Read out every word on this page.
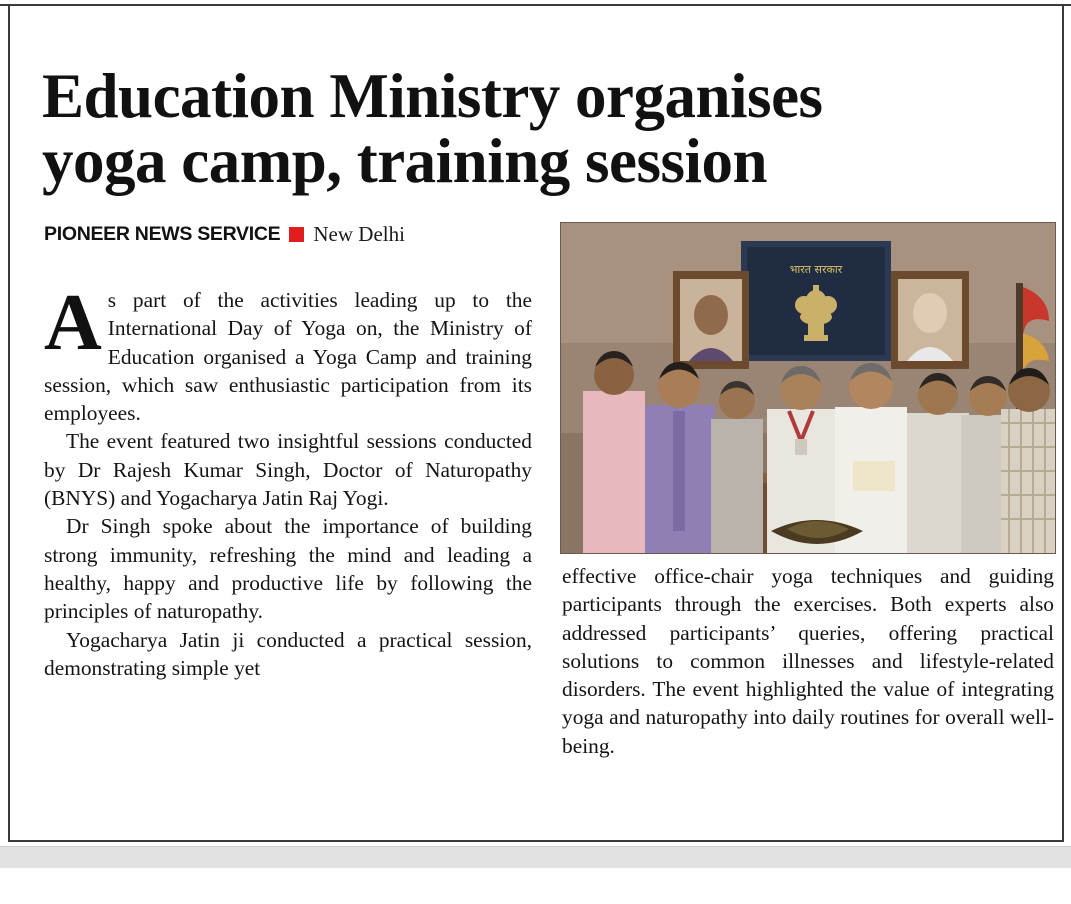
Education Ministry organises
yoga camp, training session
PIONEER NEWS SERVICE New Delhi
भारत सरकार

As part of the activities leading up to the International Day of Yoga on, the Ministry of Education organised a Yoga Camp and training session, which saw enthusiastic participation from its employees.

The event featured two insightful sessions conducted by Dr Rajesh Kumar Singh, Doctor of Naturopathy (BNYS) and Yogacharya Jatin Raj Yogi.

Dr Singh spoke about the importance of building strong immunity, refreshing the mind and leading a healthy, happy and productive life by following the principles of naturopathy.

Yogacharya Jatin ji conducted a practical session, demonstrating simple yet

effective office-chair yoga techniques and guiding participants through the exercises. Both experts also addressed participants’ queries, offering practical solutions to common illnesses and lifestyle-related disorders. The event highlighted the value of integrating yoga and naturopathy into daily routines for overall well-being.
